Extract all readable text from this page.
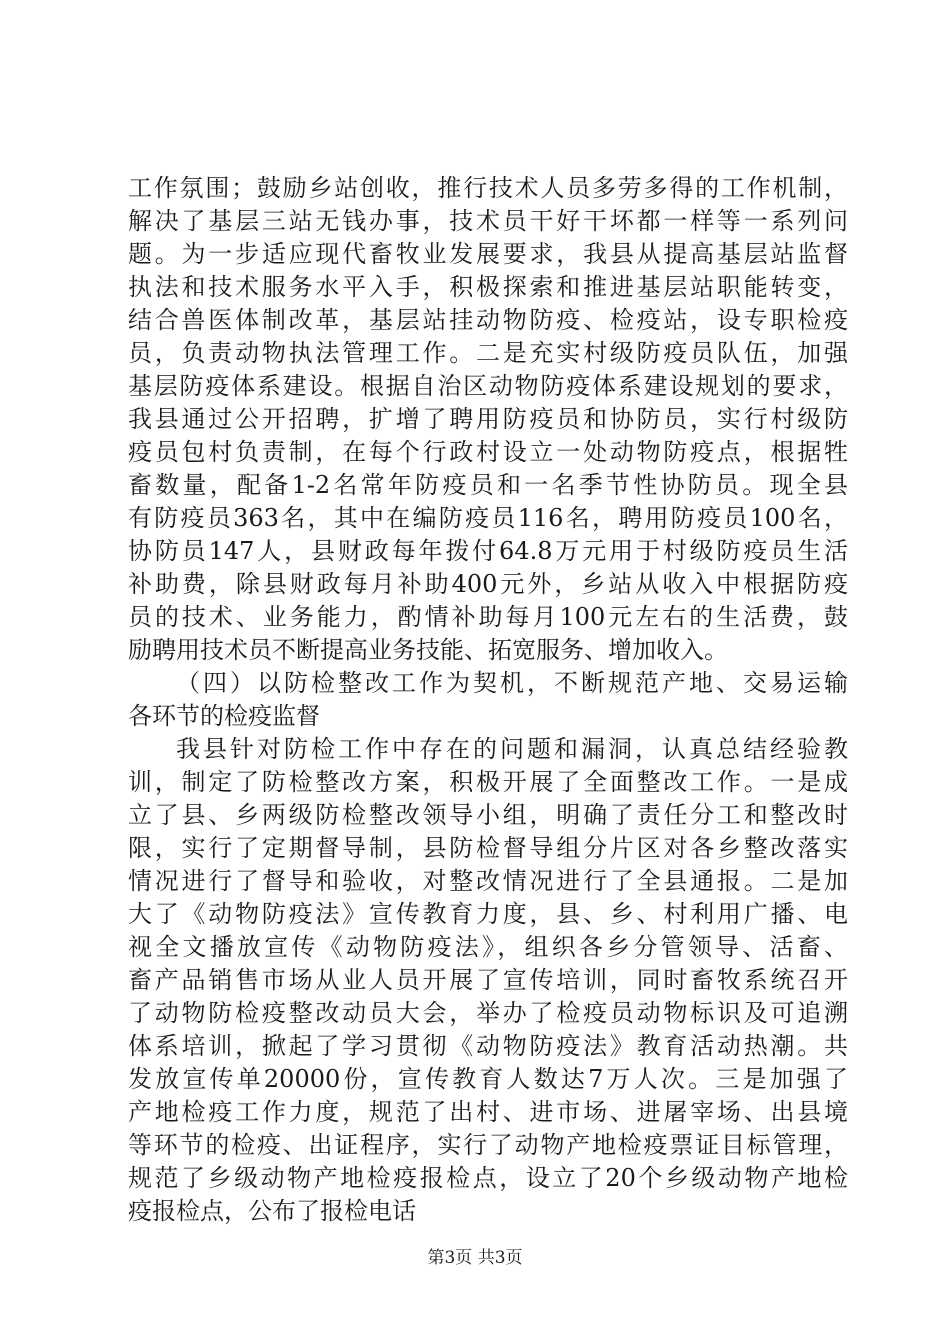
工作氛围；鼓励乡站创收，推行技术人员多劳多得的工作机制，
解决了基层三站无钱办事，技术员干好干坏都一样等一系列问
题。为一步适应现代畜牧业发展要求，我县从提高基层站监督
执法和技术服务水平入手，积极探索和推进基层站职能转变，
结合兽医体制改革，基层站挂动物防疫、检疫站，设专职检疫
员，负责动物执法管理工作。二是充实村级防疫员队伍，加强
基层防疫体系建设。根据自治区动物防疫体系建设规划的要求，
我县通过公开招聘，扩增了聘用防疫员和协防员，实行村级防
疫员包村负责制，在每个行政村设立一处动物防疫点，根据牲
畜数量，配备1-2名常年防疫员和一名季节性协防员。现全县
有防疫员363名，其中在编防疫员116名，聘用防疫员100名，
协防员147人，县财政每年拨付64.8万元用于村级防疫员生活
补助费，除县财政每月补助400元外，乡站从收入中根据防疫
员的技术、业务能力，酌情补助每月100元左右的生活费，鼓
励聘用技术员不断提高业务技能、拓宽服务、增加收入。
（四）以防检整改工作为契机，不断规范产地、交易运输
各环节的检疫监督
我县针对防检工作中存在的问题和漏洞，认真总结经验教
训，制定了防检整改方案，积极开展了全面整改工作。一是成
立了县、乡两级防检整改领导小组，明确了责任分工和整改时
限，实行了定期督导制，县防检督导组分片区对各乡整改落实
情况进行了督导和验收，对整改情况进行了全县通报。二是加
大了《动物防疫法》宣传教育力度，县、乡、村利用广播、电
视全文播放宣传《动物防疫法》，组织各乡分管领导、活畜、
畜产品销售市场从业人员开展了宣传培训，同时畜牧系统召开
了动物防检疫整改动员大会，举办了检疫员动物标识及可追溯
体系培训，掀起了学习贯彻《动物防疫法》教育活动热潮。共
发放宣传单20000份，宣传教育人数达7万人次。三是加强了
产地检疫工作力度，规范了出村、进市场、进屠宰场、出县境
等环节的检疫、出证程序，实行了动物产地检疫票证目标管理，
规范了乡级动物产地检疫报检点，设立了20个乡级动物产地检
疫报检点，公布了报检电话
第3页 共3页
